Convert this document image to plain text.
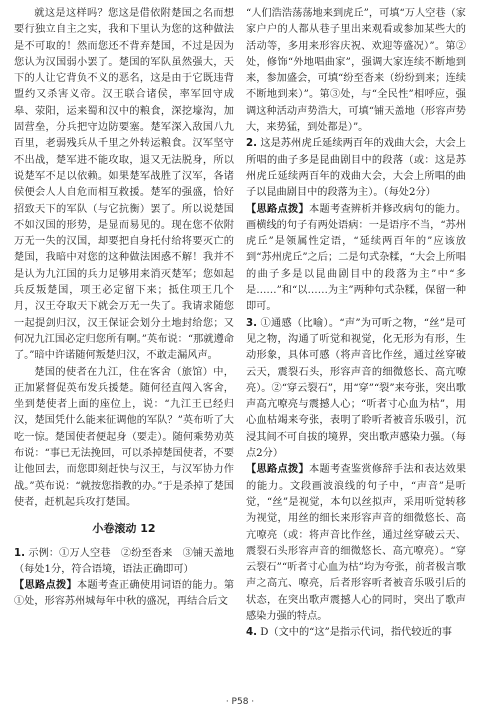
就这是这样吗？您这是借依附楚国之名而想要行独立自主之实，我和下里认为您的这种做法是不可取的！然而您还不背弃楚国，不过是因为您认为汉国弱小罢了。楚国的军队虽然强大，天下的人让它背负不义的恶名，这是由于它既违背盟约又杀害义帝。汉王联合诸侯，率军回守成皋、荥阳，运来蜀和汉中的粮食，深挖壕沟，加固营垒，分兵把守边防要塞。楚军深入敌国八九百里，老弱残兵从千里之外转运粮食。汉军坚守不出战，楚军进不能攻取，退又无法脱身，所以说楚军不足以依赖。如果楚军战胜了汉军，各诸侯便会人人自危而相互救援。楚军的强盛，恰好招致天下的军队（与它抗衡）罢了。所以说楚国不如汉国的形势，是显而易见的。现在您不依附万无一失的汉国，却要把自身托付给将要灭亡的楚国，我暗中对您的这种做法困惑不解！我并不是认为九江国的兵力足够用来消灭楚军；您如起兵反叛楚国，项王必定留下来；抵住项王几个月，汉王夺取天下就会万无一失了。我请求随您一起提剑归汉，汉王保证会划分土地封给您；又何况九江国必定归您所有啊。”英布说：“那就遵命了。”暗中许诺随何叛楚归汉，不敢走漏风声。

楚国的使者在九江，住在客舍（旅馆）中，正加紧督促英布发兵援楚。随何径直闯入客舍，坐到楚使者上面的座位上，说：“九江王已经归汉，楚国凭什么能来征调他的军队？”英布听了大吃一惊。楚国使者便起身（要走）。随何乘势劝英布说：“事已无法挽回，可以杀掉楚国使者，不要让他回去，而您即刻赶快与汉王，与汉军协力作战。”英布说：“就按您指教的办。”于是杀掉了楚国使者，赶机起兵攻打楚国。

小卷滚动 12

1. 示例：①万人空巷　②纷至沓来　③铺天盖地（每处1分，符合语境，语法正确即可）

【 思路点拨 】 本题考查正确使用词语的能力。第①处，形容苏州城每年中秋的盛况，再结合后文

“人们浩浩荡荡地来到虎丘”，可填“万人空巷（家家户户的人都从巷子里出来观看或参加某些大的活动等，多用来形容庆祝、欢迎等盛况）”。第②处，修饰“外地唱曲家”，强调大家连续不断地到来，参加盛会，可填“纷至沓来（纷纷到来；连续不断地到来）”。第③处，与“全民性”相呼应，强调这种活动声势浩大，可填“铺天盖地（形容声势大，来势猛，到处都是）”。

2. 这是苏州虎丘延续两百年的戏曲大会，大会上所唱的曲子多是昆曲剧目中的段落（或：这是苏州虎丘延续两百年的戏曲大会，大会上所唱的曲子以昆曲剧目中的段落为主）。（每处2分）

【 思路点拨 】 本题考查辨析并修改病句的能力。画横线的句子有两处语病：一是语序不当，“苏州虎丘”是领属性定语，“延续两百年的”应该放到“苏州虎丘”之后；二是句式杂糅，“大会上所唱的曲子多是以昆曲剧目中的段落为主”中“多是……”和“以……为主”两种句式杂糅，保留一种即可。

3. ①通感（比喻）。“声”为可听之物，“丝”是可见之物，沟通了听觉和视觉，化无形为有形，生动形象，具体可感（将声音比作丝，通过丝穿破云天，震裂石头，形容声音的细微悠长、高亢嘹亮）。②“穿云裂石”，用“穿”“裂”来夸张，突出歌声高亢嘹亮与震撼人心；“听者寸心血为枯”，用心血枯竭来夸张，表明了聆听者被音乐吸引，沉浸其间不可自拔的境界，突出歌声感染力强。（每点2分）

【 思路点拨 】 本题考查鉴赏修辞手法和表达效果的能力。文段画波浪线的句子中，“声音”是听觉，“丝”是视觉，本句以丝拟声，采用听觉转移为视觉，用丝的细长来形容声音的细微悠长、高亢嘹亮（或：将声音比作丝，通过丝穿破云天、震裂石头形容声音的细微悠长、高亢嘹亮）。“穿云裂石”“听者寸心血为枯”均为夸张，前者极言歌声之高亢、嘹亮，后者形容听者被音乐吸引后的状态，在突出歌声震撼人心的同时，突出了歌声感染力强的特点。

4. D（文中的“这”是指示代词，指代较近的事

· P58 ·
